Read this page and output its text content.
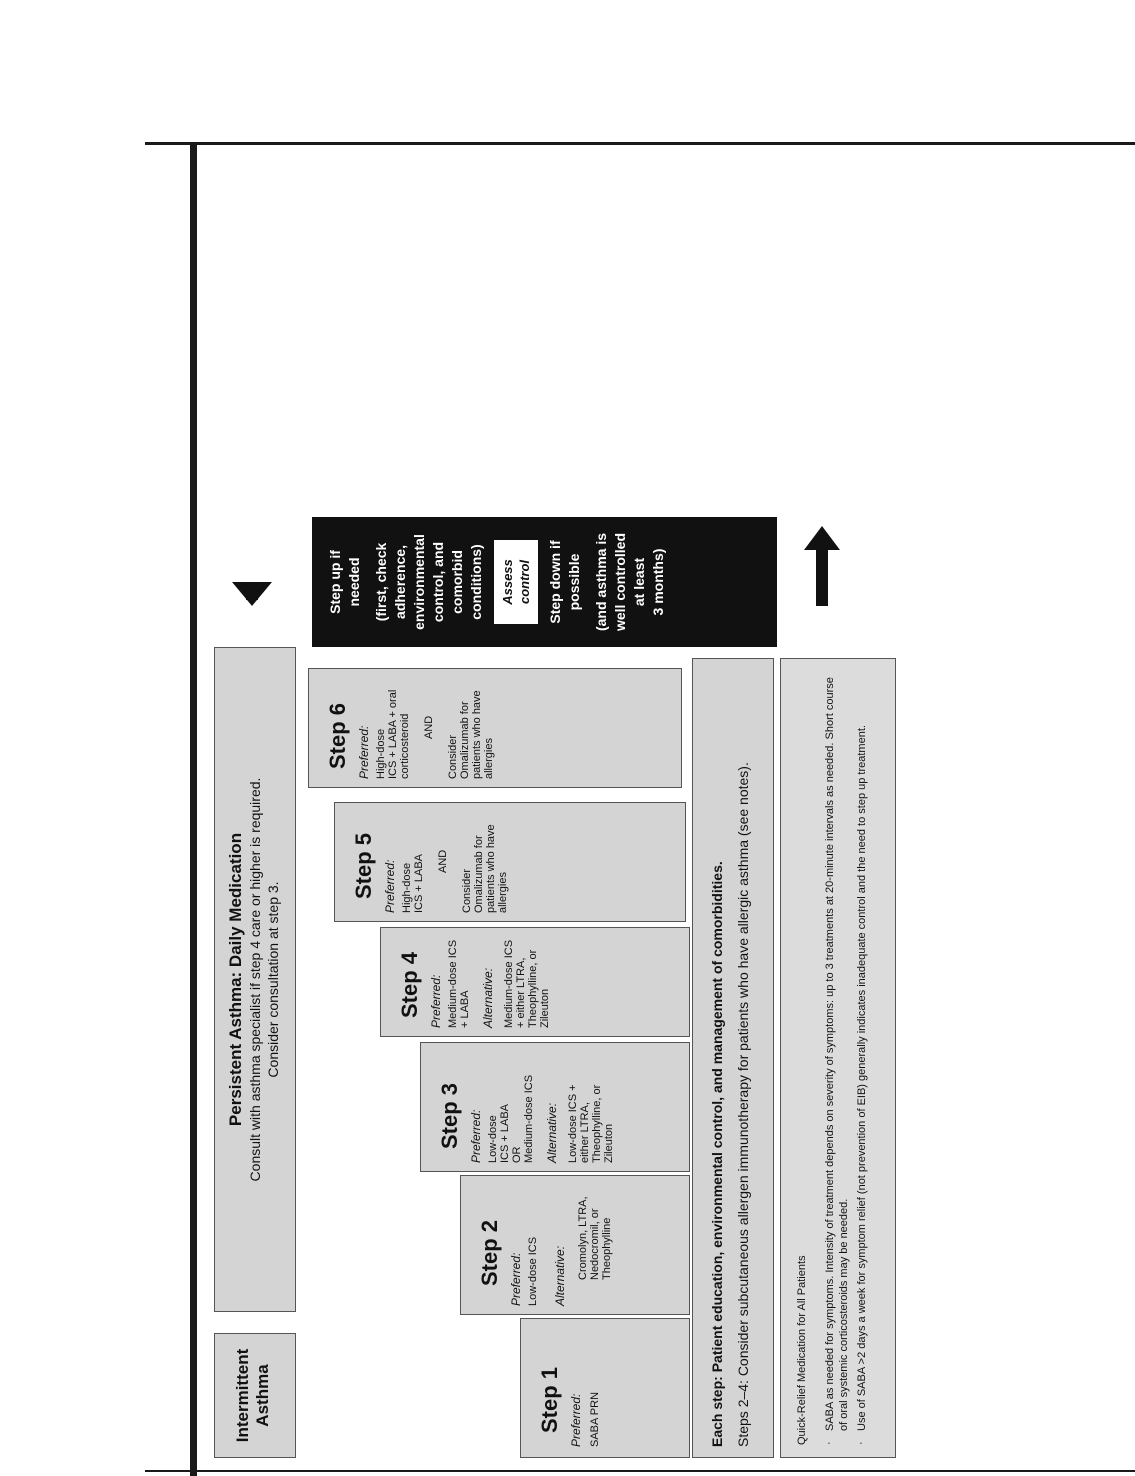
Intermittent Asthma
Persistent Asthma: Daily Medication Consult with asthma specialist if step 4 care or higher is required. Consider consultation at step 3.
Step 1 Preferred: SABA PRN
Step 2 Preferred: Low-dose ICS Alternative: Cromolyn, LTRA, Nedocromil, or Theophylline
Step 3 Preferred: Low-dose ICS + LABA OR Medium-dose ICS Alternative: Low-dose ICS + either LTRA, Theophylline, or Zileuton
Step 4 Preferred: Medium-dose ICS + LABA Alternative: Medium-dose ICS + either LTRA, Theophylline, or Zileuton
Step 5 Preferred: High-dose ICS + LABA AND
Consider Omalizumab for patients who have allergies
Step 6 Preferred: High-dose ICS + LABA + oral corticosteroid AND
Consider Omalizumab for patients who have allergies
Each step: Patient education, environmental control, and management of comorbidities. Steps 2–4: Consider subcutaneous allergen immunotherapy for patients who have allergic asthma (see notes).	Quick-Relief Medication for All Patients ·
SABA as needed for symptoms. Intensity of treatment depends on severity of symptoms: up to 3 treatments at 20-minute intervals as needed. Short course of oral systemic corticosteroids may be needed.
·
Use of SABA >2 days a week for symptom relief (not prevention of EIB) generally indicates inadequate control and the need to step up treatment.
Step up if needed (first, check adherence, environmental control, and comorbid conditions) Assess control Step down if possible (and asthma is well controlled at least 3 months)
